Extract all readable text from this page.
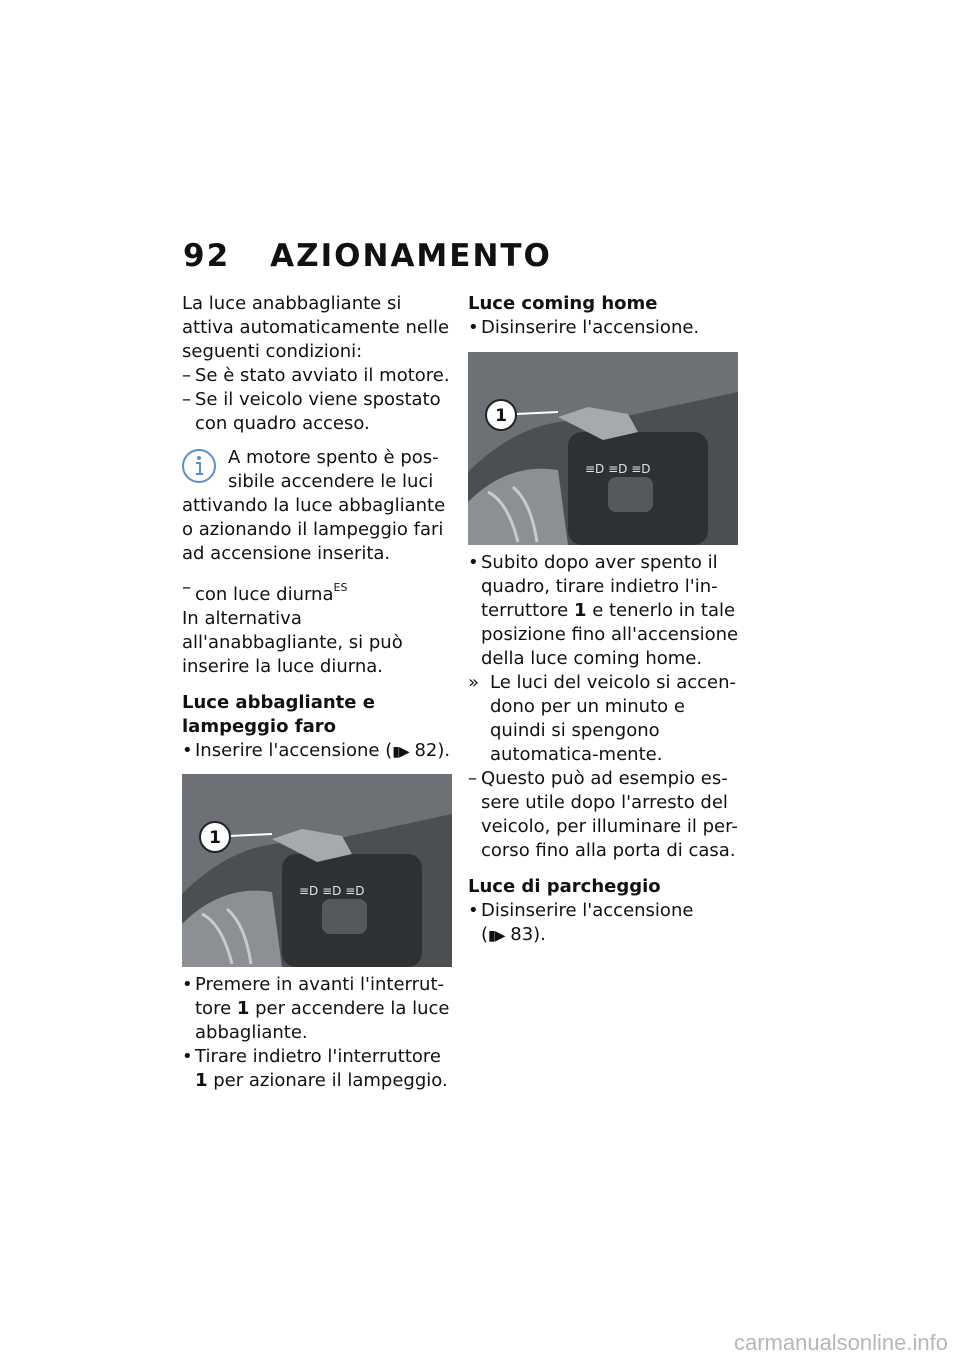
92 AZIONAMENTO

La luce anabbagliante si attiva automaticamente nelle seguenti condizioni:

– Se è stato avviato il motore.
– Se il veicolo viene spostato con quadro acceso.

A motore spento è pos-sibile accendere le luci

attivando la luce abbagliante o azionando il lampeggio fari ad accensione inserita.

– con luce diurna$^{ES}$

In alternativa all'anabbagliante, si può inserire la luce diurna.

Luce abbagliante e lampeggio faro

• Inserire l'accensione (▮▶ 82).
≡D ≡D ≡D
1
• Premere in avanti l'interrut-tore 1 per accendere la luce abbagliante.
• Tirare indietro l'interruttore 1 per azionare il lampeggio.

Luce coming home

• Disinserire l'accensione.
≡D ≡D ≡D
1
• Subito dopo aver spento il quadro, tirare indietro l'in-terruttore 1 e tenerlo in tale posizione fino all'accensione della luce coming home.
» Le luci del veicolo si accen-dono per un minuto e quindi si spengono automatica-mente.
– Questo può ad esempio es-sere utile dopo l'arresto del veicolo, per illuminare il per-corso fino alla porta di casa.

Luce di parcheggio

• Disinserire l'accensione
(▮▶ 83).
carmanualsonline.info
